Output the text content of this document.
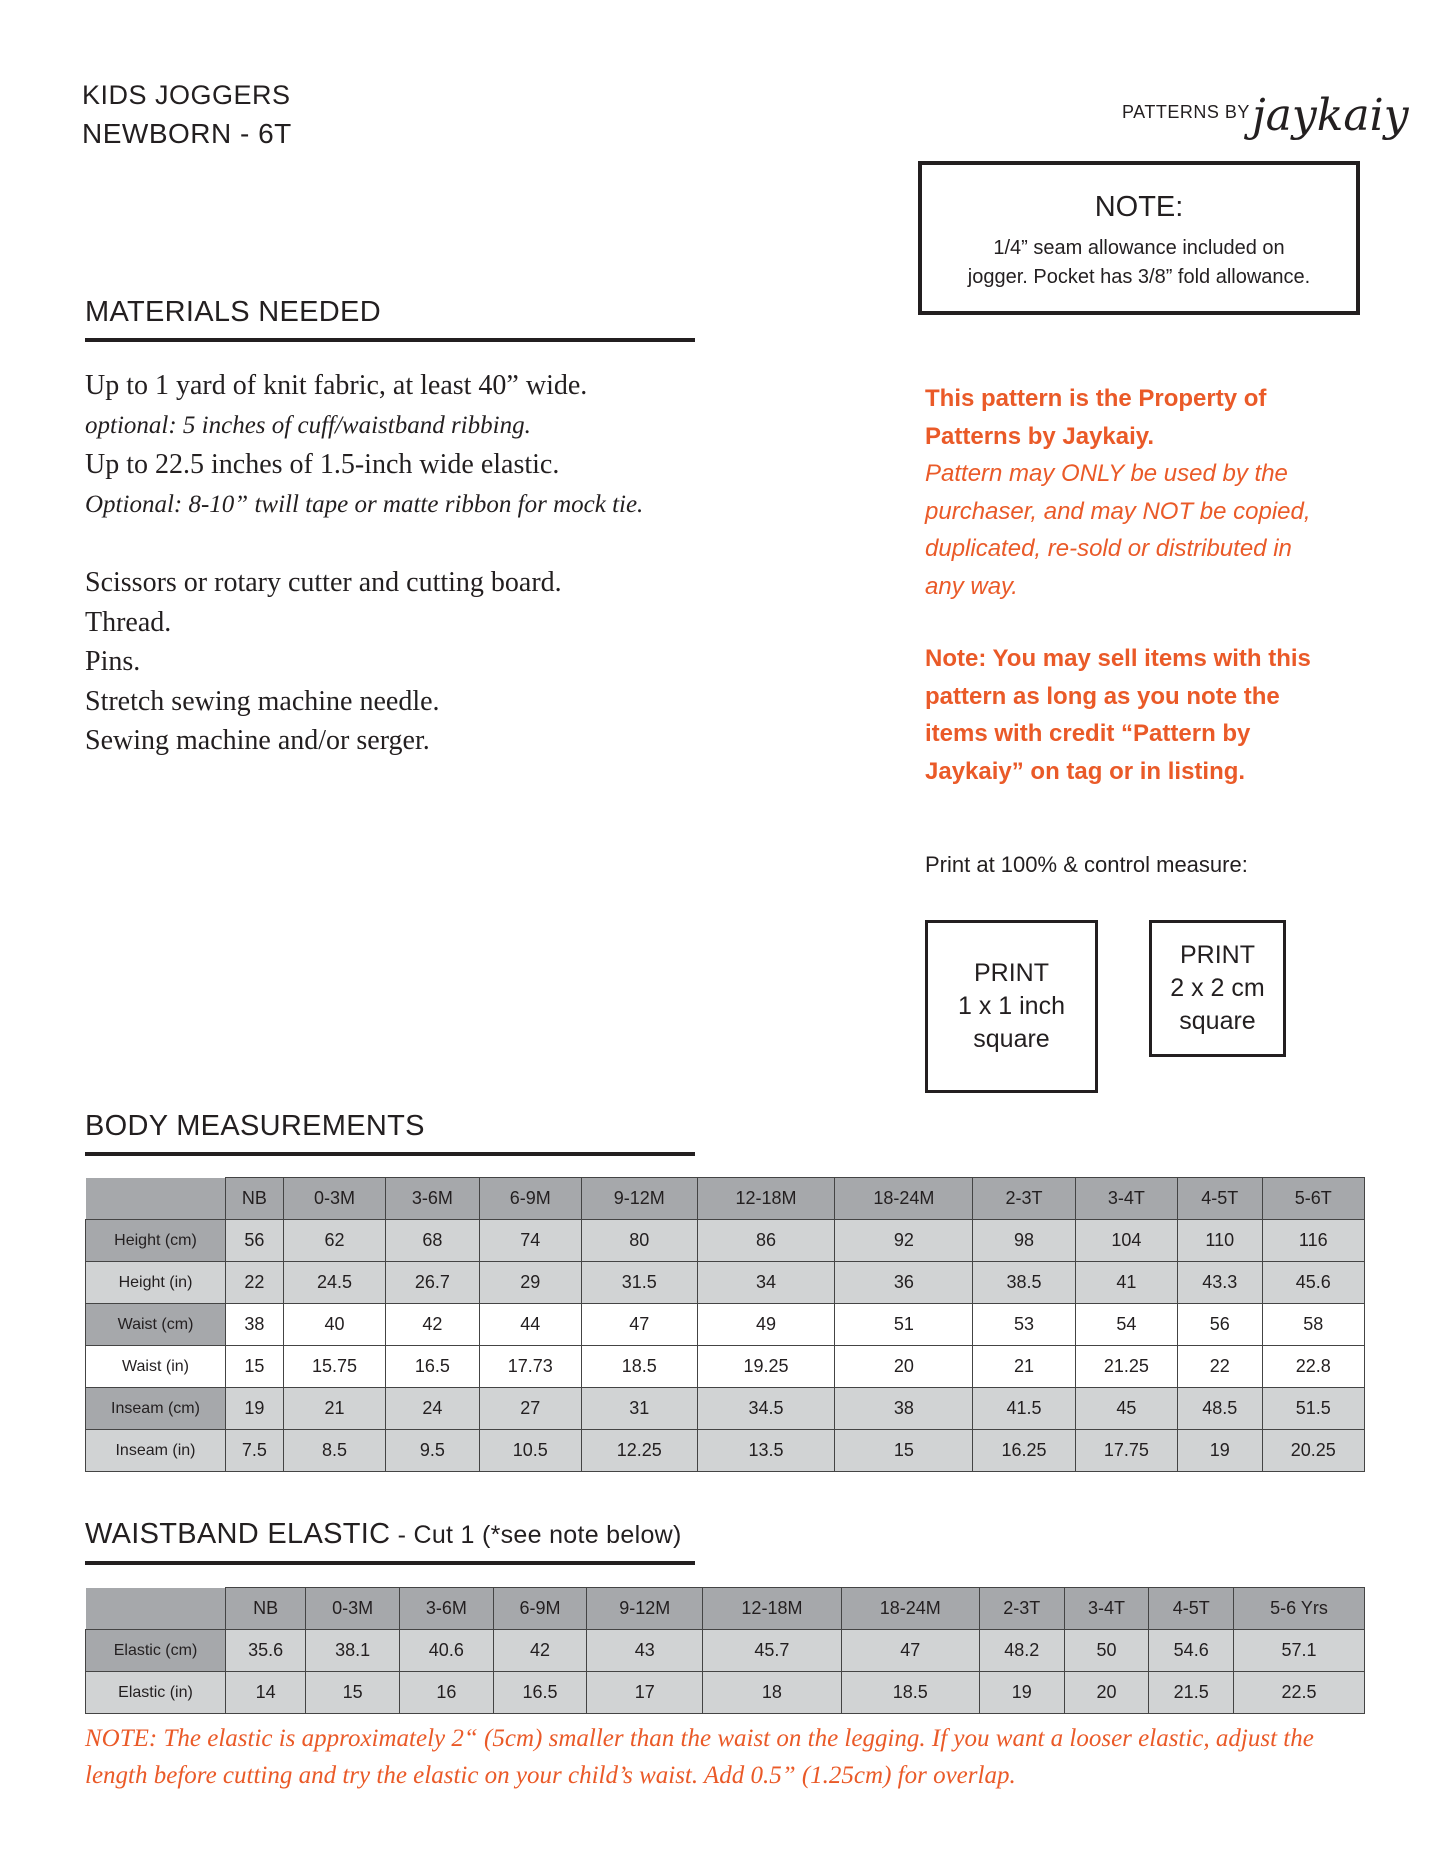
KIDS JOGGERS
NEWBORN - 6T
PATTERNS BY jaykaiy
NOTE:
1/4” seam allowance included on
jogger. Pocket has 3/8” fold allowance.
MATERIALS NEEDED
Up to 1 yard of knit fabric, at least 40” wide.
optional: 5 inches of cuff/waistband ribbing.
Up to 22.5 inches of 1.5-inch wide elastic.
Optional: 8-10” twill tape or matte ribbon for mock tie.
Scissors or rotary cutter and cutting board.
Thread.
Pins.
Stretch sewing machine needle.
Sewing machine and/or serger.
This pattern is the Property of
Patterns by Jaykaiy.
Pattern may ONLY be used by the
purchaser, and may NOT be copied,
duplicated, re-sold or distributed in
any way.
Note: You may sell items with this
pattern as long as you note the
items with credit “Pattern by
Jaykaiy” on tag or in listing.
Print at 100% & control measure:
PRINT
1 x 1 inch
square
PRINT
2 x 2 cm
square
BODY MEASUREMENTS
	NB	0-3M	3-6M	6-9M	9-12M	12-18M	18-24M	2-3T	3-4T	4-5T	5-6T
Height (cm)	56	62	68	74	80	86	92	98	104	110	116
Height (in)	22	24.5	26.7	29	31.5	34	36	38.5	41	43.3	45.6
Waist (cm)	38	40	42	44	47	49	51	53	54	56	58
Waist (in)	15	15.75	16.5	17.73	18.5	19.25	20	21	21.25	22	22.8
Inseam (cm)	19	21	24	27	31	34.5	38	41.5	45	48.5	51.5
Inseam (in)	7.5	8.5	9.5	10.5	12.25	13.5	15	16.25	17.75	19	20.25
WAISTBAND ELASTIC - Cut 1 (*see note below)
	NB	0-3M	3-6M	6-9M	9-12M	12-18M	18-24M	2-3T	3-4T	4-5T	5-6 Yrs
Elastic (cm)	35.6	38.1	40.6	42	43	45.7	47	48.2	50	54.6	57.1
Elastic (in)	14	15	16	16.5	17	18	18.5	19	20	21.5	22.5
NOTE: The elastic is approximately 2“ (5cm) smaller than the waist on the legging. If you want a looser elastic, adjust the length before cutting and try the elastic on your child’s waist. Add 0.5” (1.25cm) for overlap.
